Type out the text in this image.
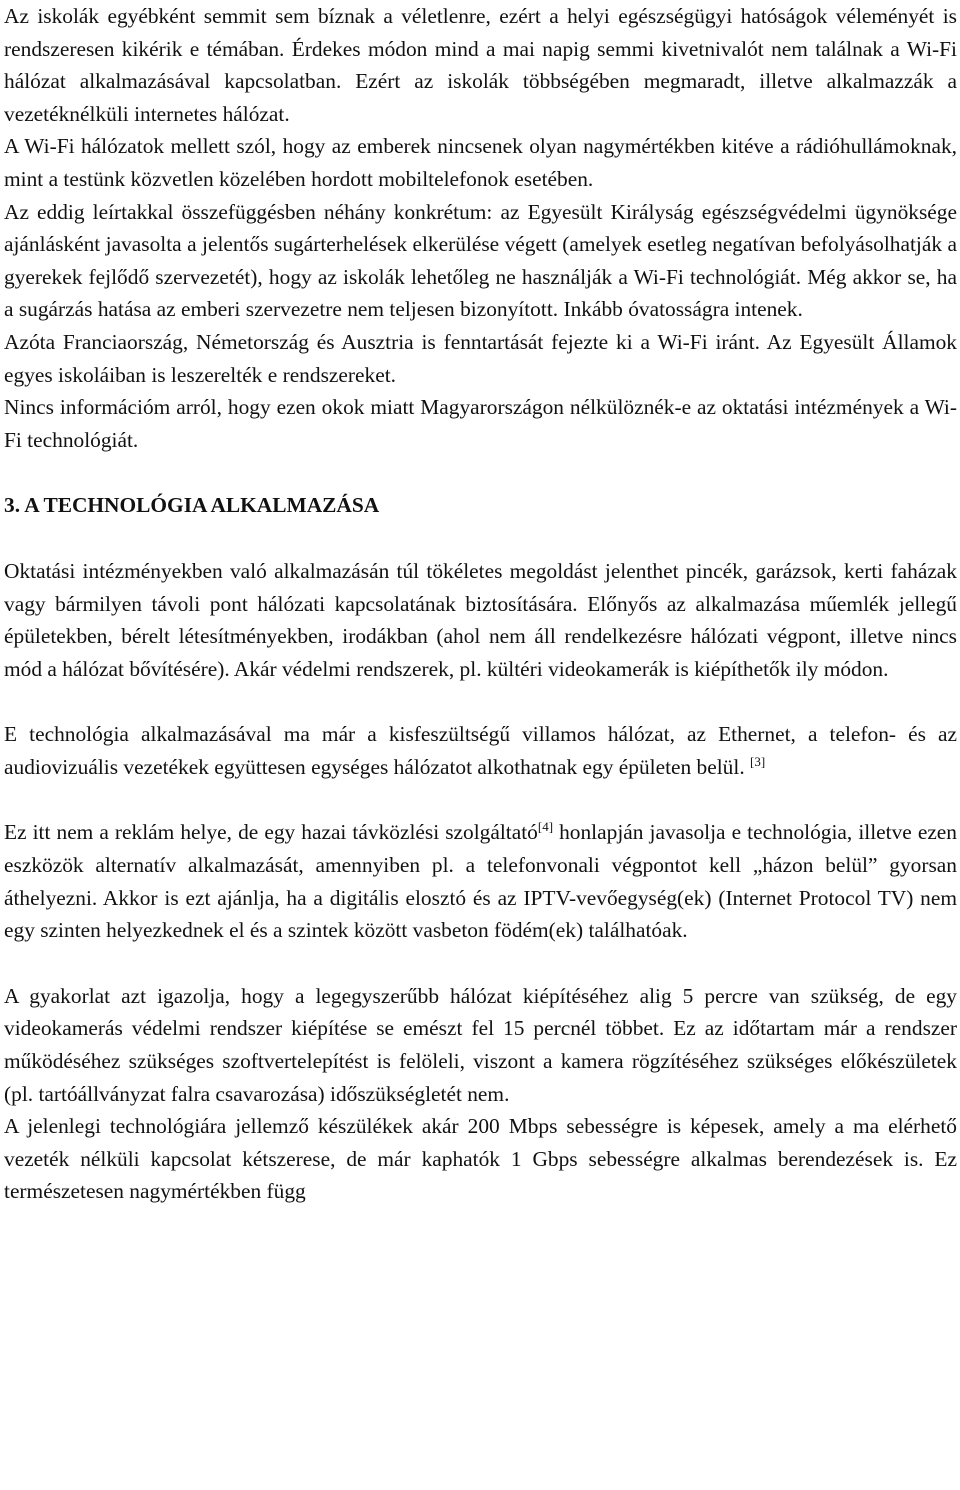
Az iskolák egyébként semmit sem bíznak a véletlenre, ezért a helyi egészségügyi hatóságok véleményét is rendszeresen kikérik e témában. Érdekes módon mind a mai napig semmi kivetnivalót nem találnak a Wi-Fi hálózat alkalmazásával kapcsolatban. Ezért az iskolák többségében megmaradt, illetve alkalmazzák a vezetéknélküli internetes hálózat.

A Wi-Fi hálózatok mellett szól, hogy az emberek nincsenek olyan nagymértékben kitéve a rádióhullámoknak, mint a testünk közvetlen közelében hordott mobiltelefonok esetében.

Az eddig leírtakkal összefüggésben néhány konkrétum: az Egyesült Királyság egészségvédelmi ügynöksége ajánlásként javasolta a jelentős sugárterhelések elkerülése végett (amelyek esetleg negatívan befolyásolhatják a gyerekek fejlődő szervezetét), hogy az iskolák lehetőleg ne használják a Wi-Fi technológiát. Még akkor se, ha a sugárzás hatása az emberi szervezetre nem teljesen bizonyított. Inkább óvatosságra intenek.

Azóta Franciaország, Németország és Ausztria is fenntartását fejezte ki a Wi-Fi iránt. Az Egyesült Államok egyes iskoláiban is leszerelték e rendszereket.

Nincs információm arról, hogy ezen okok miatt Magyarországon nélkülöznék-e az oktatási intézmények a Wi-Fi technológiát.

3. A TECHNOLÓGIA ALKALMAZÁSA

Oktatási intézményekben való alkalmazásán túl tökéletes megoldást jelenthet pincék, garázsok, kerti faházak vagy bármilyen távoli pont hálózati kapcsolatának biztosítására. Előnyős az alkalmazása műemlék jellegű épületekben, bérelt létesítményekben, irodákban (ahol nem áll rendelkezésre hálózati végpont, illetve nincs mód a hálózat bővítésére). Akár védelmi rendszerek, pl. kültéri videokamerák is kiépíthetők ily módon.

E technológia alkalmazásával ma már a kisfeszültségű villamos hálózat, az Ethernet, a telefon- és az audiovizuális vezetékek együttesen egységes hálózatot alkothatnak egy épületen belül. [3]

Ez itt nem a reklám helye, de egy hazai távközlési szolgáltató[4] honlapján javasolja e technológia, illetve ezen eszközök alternatív alkalmazását, amennyiben pl. a telefonvonali végpontot kell „házon belül” gyorsan áthelyezni. Akkor is ezt ajánlja, ha a digitális elosztó és az IPTV-vevőegység(ek) (Internet Protocol TV) nem egy szinten helyezkednek el és a szintek között vasbeton födém(ek) találhatóak.

A gyakorlat azt igazolja, hogy a legegyszerűbb hálózat kiépítéséhez alig 5 percre van szükség, de egy videokamerás védelmi rendszer kiépítése se emészt fel 15 percnél többet. Ez az időtartam már a rendszer működéséhez szükséges szoftvertelepítést is felöleli, viszont a kamera rögzítéséhez szükséges előkészületek (pl. tartóállványzat falra csavarozása) időszükségletét nem.

A jelenlegi technológiára jellemző készülékek akár 200 Mbps sebességre is képesek, amely a ma elérhető vezeték nélküli kapcsolat kétszerese, de már kaphatók 1 Gbps sebességre alkalmas berendezések is. Ez természetesen nagymértékben függ
